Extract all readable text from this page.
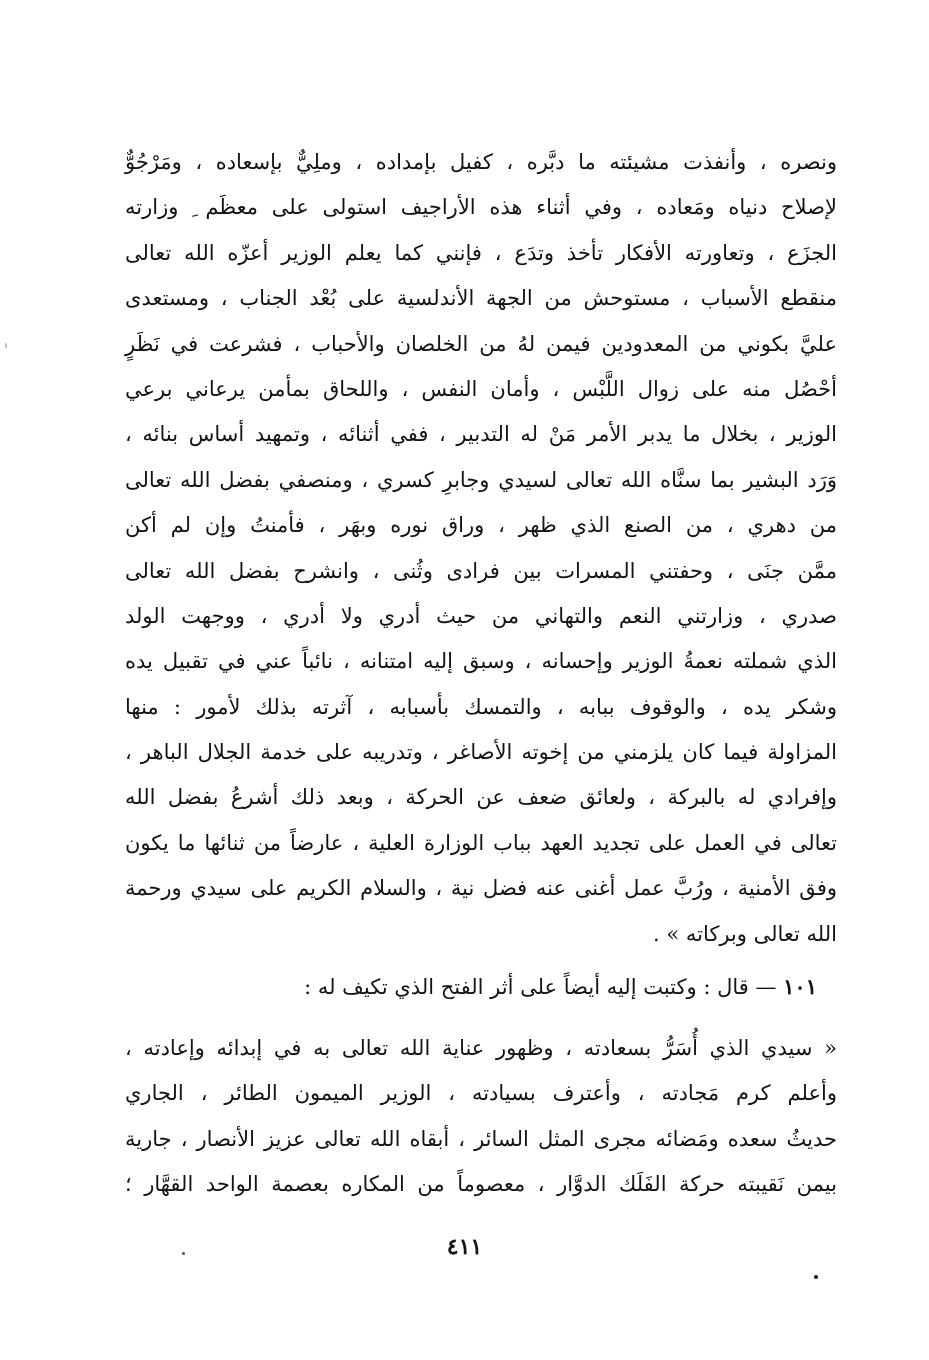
ونصره ، وأنفذت مشيئته ما دبَّره ، كفيل بإمداده ، وملِيٌّ بإسعاده ، ومَرْجُوٌّ
لإصلاح دنياه ومَعاده ، وفي أثناء هذه الأراجيف استولى على معظَم ِ وزارته
الجزَع ، وتعاورته الأفكار تأخذ وتدَع ، فإنني كما يعلم الوزير أعزّه الله تعالى
منقطع الأسباب ، مستوحش من الجهة الأندلسية على بُعْد الجناب ، ومستعدى
عليَّ بكوني من المعدودين فيمن لهُ من الخلصان والأحباب ، فشرعت في نَظَرٍ
أحْصُل منه على زوال اللَّبْس ، وأمان النفس ، واللحاق بمأمن يرعاني برعي
الوزير ، بخلال ما يدبر الأمر مَنْ له التدبير ، ففي أثنائه ، وتمهيد أساس بنائه ،
وَرَد البشير بما سنَّاه الله تعالى لسيدي وجابرِ كسري ، ومنصفي بفضل الله تعالى
من دهري ، من الصنع الذي ظهر ، وراق نوره وبهَر ، فأمنتُ وإن لم أكن
ممَّن جنَى ، وحفتني المسرات بين فرادى وثُنى ، وانشرح بفضل الله تعالى
صدري ، وزارتني النعم والتهاني من حيث أدري ولا أدري ، ووجهت الولد
الذي شملته نعمةُ الوزير وإحسانه ، وسبق إليه امتنانه ، نائباً عني في تقبيل يده
وشكر يده ، والوقوف ببابه ، والتمسك بأسبابه ، آثرته بذلك لأمور : منها
المزاولة فيما كان يلزمني من إخوته الأصاغر ، وتدريبه على خدمة الجلال الباهر ،
وإفرادي له بالبركة ، ولعائق ضعف عن الحركة ، وبعد ذلك أشرعُ بفضل الله
تعالى في العمل على تجديد العهد بباب الوزارة العلية ، عارضاً من ثنائها ما يكون
وفق الأمنية ، ورُبَّ عمل أغنى عنه فضل نية ، والسلام الكريم على سيدي ورحمة
الله تعالى وبركاته » .
١٠١ — قال : وكتبت إليه أيضاً على أثر الفتح الذي تكيف له :
« سيدي الذي أُسَرُّ بسعادته ، وظهور عناية الله تعالى به في إبدائه وإعادته ،
وأعلم كرم مَجادته ، وأعترف بسيادته ، الوزير الميمون الطائر ، الجاري
حديثُ سعده ومَضائه مجرى المثل السائر ، أبقاه الله تعالى عزيز الأنصار ، جارية
بيمن نَقيبته حركة الفَلَك الدوَّار ، معصوماً من المكاره بعصمة الواحد القهَّار ؛
٤١١
